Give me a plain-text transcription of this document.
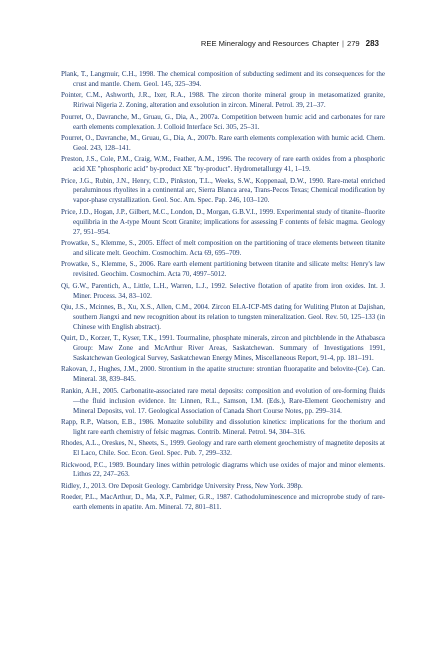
REE Mineralogy and Resources Chapter | 279 283
Plank, T., Langmuir, C.H., 1998. The chemical composition of subducting sediment and its consequences for the crust and mantle. Chem. Geol. 145, 325–394.
Pointer, C.M., Ashworth, J.R., Ixer, R.A., 1988. The zircon thorite mineral group in metasomatized granite, Ririwai Nigeria 2. Zoning, alteration and exsolution in zircon. Mineral. Petrol. 39, 21–37.
Pourret, O., Davranche, M., Gruau, G., Dia, A., 2007a. Competition between humic acid and carbonates for rare earth elements complexation. J. Colloid Interface Sci. 305, 25–31.
Pourret, O., Davranche, M., Gruau, G., Dia, A., 2007b. Rare earth elements complexation with humic acid. Chem. Geol. 243, 128–141.
Preston, J.S., Cole, P.M., Craig, W.M., Feather, A.M., 1996. The recovery of rare earth oxides from a phosphoric acid XE "phosphoric acid" by-product XE "by-product". Hydrometallurgy 41, 1–19.
Price, J.G., Rubin, J.N., Henry, C.D., Pinkston, T.L., Weeks, S.W., Koppenaal, D.W., 1990. Rare-metal enriched peraluminous rhyolites in a continental arc, Sierra Blanca area, Trans-Pecos Texas; Chemical modification by vapor-phase crystallization. Geol. Soc. Am. Spec. Pap. 246, 103–120.
Price, J.D., Hogan, J.P., Gilbert, M.C., London, D., Morgan, G.B.V.I., 1999. Experimental study of titanite–fluorite equilibria in the A-type Mount Scott Granite; implications for assessing F contents of felsic magma. Geology 27, 951–954.
Prowatke, S., Klemme, S., 2005. Effect of melt composition on the partitioning of trace elements between titanite and silicate melt. Geochim. Cosmochim. Acta 69, 695–709.
Prowatke, S., Klemme, S., 2006. Rare earth element partitioning between titanite and silicate melts: Henry's law revisited. Geochim. Cosmochim. Acta 70, 4997–5012.
Qi, G.W., Parentich, A., Little, L.H., Warren, L.J., 1992. Selective flotation of apatite from iron oxides. Int. J. Miner. Process. 34, 83–102.
Qiu, J.S., Mcinnes, B., Xu, X.S., Allen, C.M., 2004. Zircon ELA-ICP-MS dating for Wuliting Pluton at Dajishan, southern Jiangxi and new recognition about its relation to tungsten mineralization. Geol. Rev. 50, 125–133 (in Chinese with English abstract).
Quirt, D., Korzer, T., Kyser, T.K., 1991. Tourmaline, phosphate minerals, zircon and pitchblende in the Athabasca Group: Maw Zone and McArthur River Areas, Saskatchewan. Summary of Investigations 1991, Saskatchewan Geological Survey, Saskatchewan Energy Mines, Miscellaneous Report, 91-4, pp. 181–191.
Rakovan, J., Hughes, J.M., 2000. Strontium in the apatite structure: strontian fluorapatite and belovite-(Ce). Can. Mineral. 38, 839–845.
Rankin, A.H., 2005. Carbonatite-associated rare metal deposits: composition and evolution of ore-forming fluids—the fluid inclusion evidence. In: Linnen, R.L., Samson, I.M. (Eds.), Rare-Element Geochemistry and Mineral Deposits, vol. 17. Geological Association of Canada Short Course Notes, pp. 299–314.
Rapp, R.P., Watson, E.B., 1986. Monazite solubility and dissolution kinetics: implications for the thorium and light rare earth chemistry of felsic magmas. Contrib. Mineral. Petrol. 94, 304–316.
Rhodes, A.L., Oreskes, N., Sheets, S., 1999. Geology and rare earth element geochemistry of magnetite deposits at El Laco, Chile. Soc. Econ. Geol. Spec. Pub. 7, 299–332.
Rickwood, P.C., 1989. Boundary lines within petrologic diagrams which use oxides of major and minor elements. Lithos 22, 247–263.
Ridley, J., 2013. Ore Deposit Geology. Cambridge University Press, New York. 398p.
Roeder, P.L., MacArthur, D., Ma, X.P., Palmer, G.R., 1987. Cathodoluminescence and microprobe study of rare-earth elements in apatite. Am. Mineral. 72, 801–811.
